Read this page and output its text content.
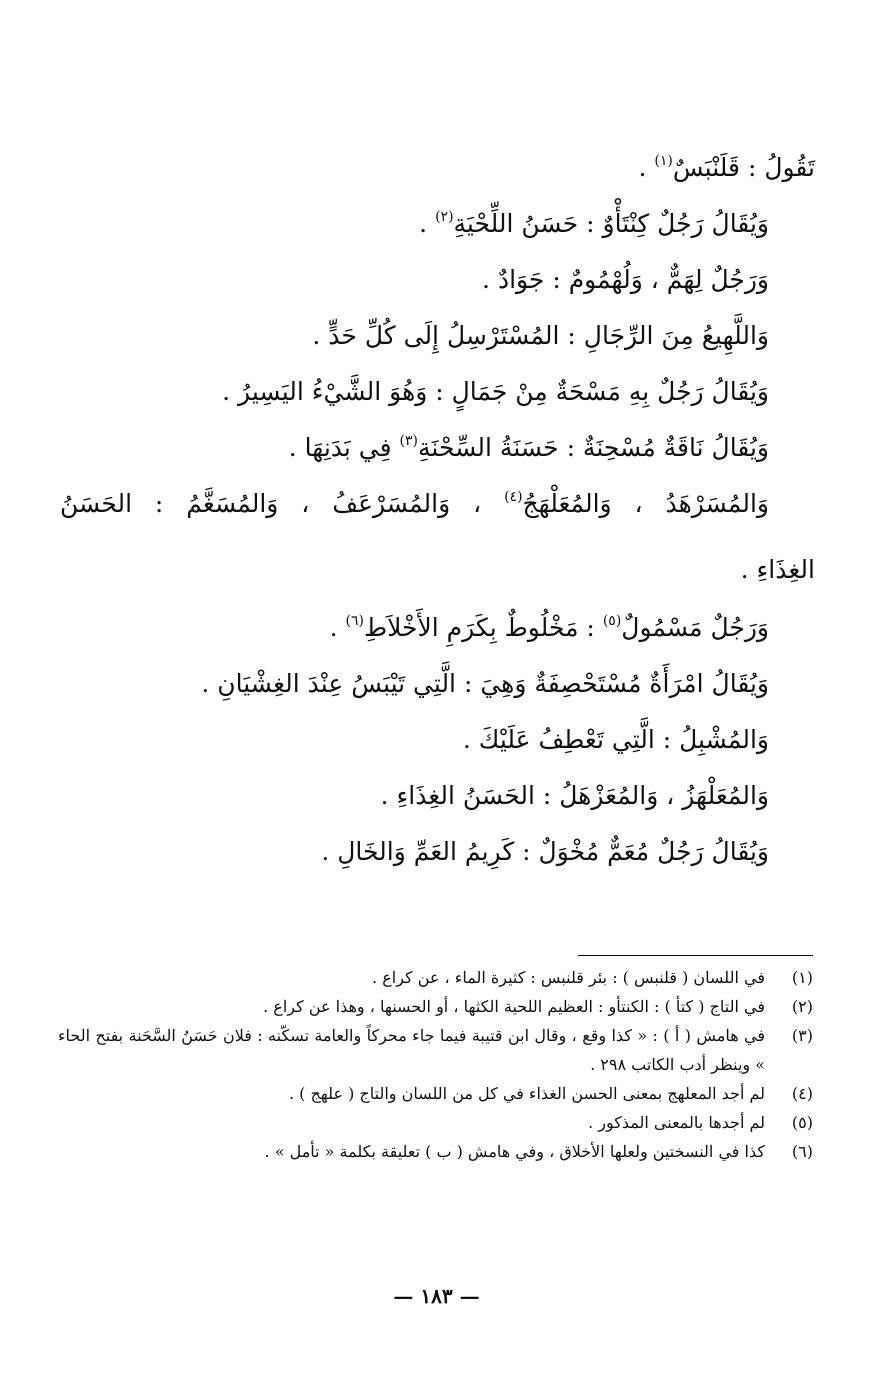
تَقُولُ : قَلَنْبَسٌ$^{(١)}$ .
وَيُقَالُ رَجُلٌ كِنْتَأْوٌ : حَسَنُ اللِّحْيَةِ$^{(٢)}$ .
وَرَجُلٌ لِهَمٌّ ، وَلُهْمُومٌ : جَوَادٌ .
وَاللَّهِيعُ مِنَ الرِّجَالِ : المُسْتَرْسِلُ إِلَى كُلِّ حَدٍّ .
وَيُقَالُ رَجُلٌ بِهِ مَسْحَةٌ مِنْ جَمَالٍ : وَهُوَ الشَّيْءُ اليَسِيرُ .
وَيُقَالُ نَاقَةٌ مُسْحِنَةٌ : حَسَنَةُ السِّحْنَةِ$^{(٣)}$ فِي بَدَنِهَا .
وَالمُسَرْهَدُ ، وَالمُعَلْهَجُ$^{(٤)}$ ، وَالمُسَرْعَفُ ، وَالمُسَغَّمُ : الحَسَنُ
الغِذَاءِ .
وَرَجُلٌ مَسْمُولٌ$^{(٥)}$ : مَخْلُوطٌ بِكَرَمِ الأَخْلاَطِ$^{(٦)}$ .
وَيُقَالُ امْرَأَةٌ مُسْتَحْصِفَةٌ وَهِيَ : الَّتِي تَيْبَسُ عِنْدَ الغِشْيَانِ .
وَالمُشْبِلُ : الَّتِي تَعْطِفُ عَلَيْكَ .
وَالمُعَلْهَزُ ، وَالمُعَزْهَلُ : الحَسَنُ الغِذَاءِ .
وَيُقَالُ رَجُلٌ مُعَمٌّ مُخْوَلٌ : كَرِيمُ العَمِّ وَالخَالِ .
(١)
في اللسان ( قلنبس ) : بئر قلنبس : كثيرة الماء ، عن كراع .
(٢)
في التاج ( كتأ ) : الكنتأو : العظيم اللحية الكثها ، أو الحسنها ، وهذا عن كراع .
(٣)
في هامش ( أ ) : « كذا وقع ، وقال ابن قتيبة فيما جاء محركاً والعامة تسكّنه : فلان حَسَنُ السَّحَنة بفتح الحاء » وينظر أدب الكاتب ٢٩٨ .
(٤)
لم أجد المعلهج بمعنى الحسن الغذاء في كل من اللسان والتاج ( علهج ) .
(٥)
لم أجدها بالمعنى المذكور .
(٦)
كذا في النسختين ولعلها الأخلاق ، وفي هامش ( ب ) تعليقة بكلمة « تأمل » .
— ١٨٣ —
